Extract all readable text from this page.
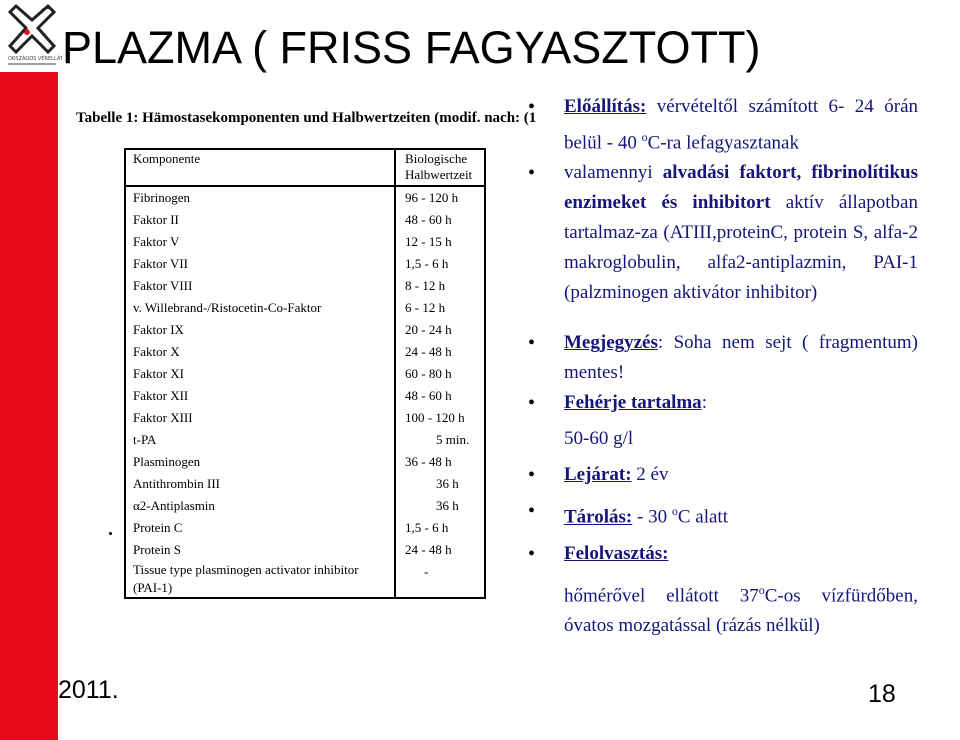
ORSZÁGOS VÉRELLÁT PLAZMA ( FRISS FAGYASZTOTT)
Tabelle 1: Hämostasekomponenten und Halbwertzeiten (modif. nach: (1
Komponente	Biologische
Halbwertzeit

Fibrinogen	96 - 120 h
Faktor II	48 - 60 h
Faktor V	12 - 15 h
Faktor VII	1,5 - 6 h
Faktor VIII	8 - 12 h
v. Willebrand-/Ristocetin-Co-Faktor	6 - 12 h
Faktor IX	20 - 24 h
Faktor X	24 - 48 h
Faktor XI	60 - 80 h
Faktor XII	48 - 60 h
Faktor XIII	100 - 120 h
t-PA	5 min.
Plasminogen	36 - 48 h
Antithrombin III	36 h
α2-Antiplasmin	36 h
Protein C	1,5 - 6 h
Protein S	24 - 48 h

Tissue type plasminogen activator inhibitor
(PAI-1)	-
• Előállítás: vérvételtől számított 6- 24 órán belül - 40 $^o$C-ra lefagyasztanak
• valamennyi alvadási faktort, fibrinolítikus enzimeket és inhibitort aktív állapotban tartalmaz-za (ATIII,proteinC, protein S, alfa-2 makroglobulin, alfa2-antiplazmin, PAI-1 (palzminogen aktivátor inhibitor)
• Megjegyzés: Soha nem sejt ( fragmentum) mentes!
• Fehérje tartalma:
50-60 g/l
• Lejárat: 2 év
• Tárolás: - 30 $^o$C alatt
• Felolvasztás:
hőmérővel ellátott 37$^o$C-os vízfürdőben, óvatos mozgatással (rázás nélkül)
2011.	18
